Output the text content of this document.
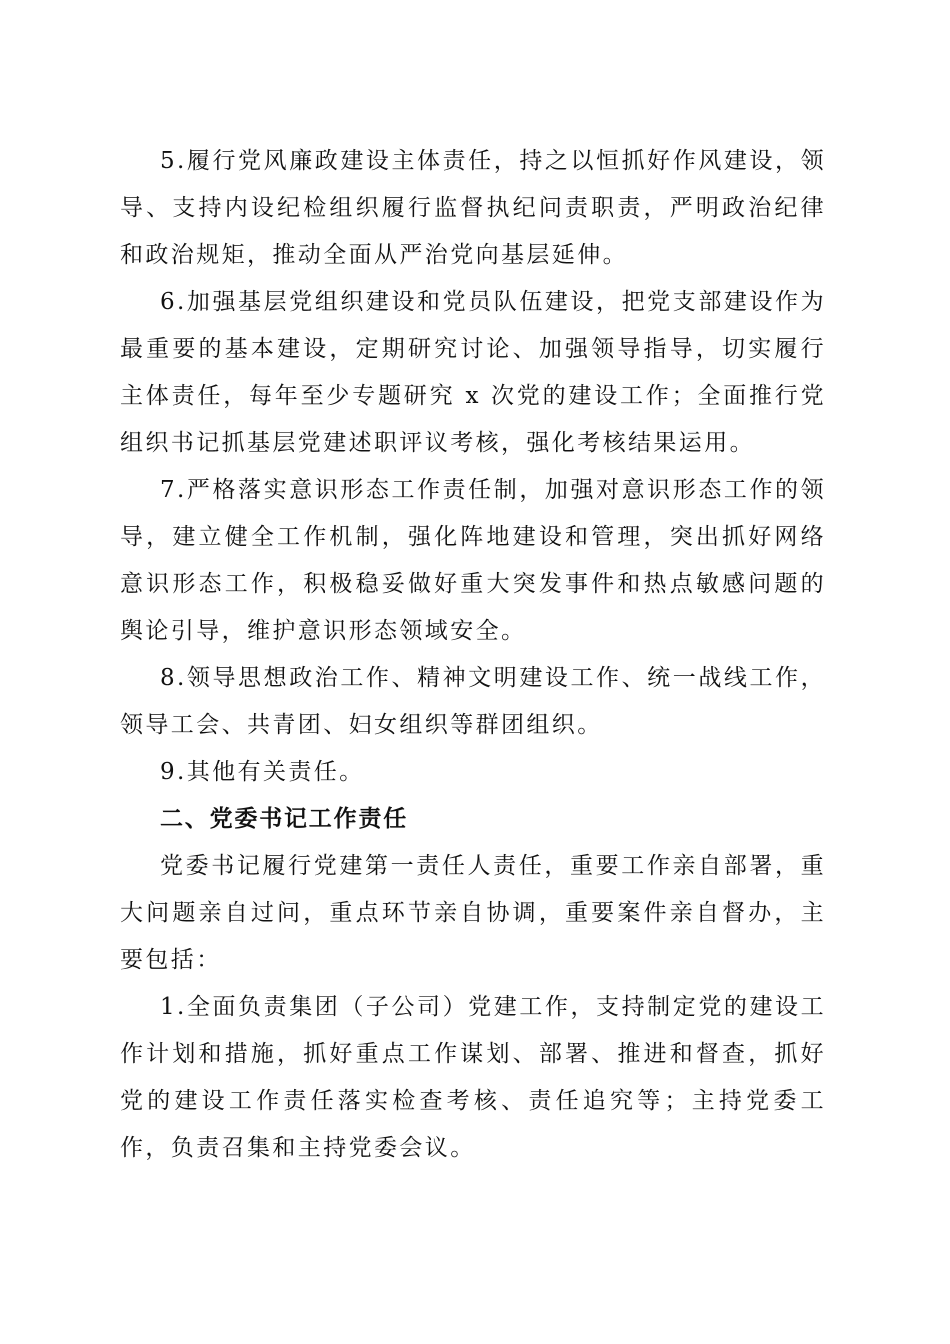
5.履行党风廉政建设主体责任，持之以恒抓好作风建设，领导、支持内设纪检组织履行监督执纪问责职责，严明政治纪律和政治规矩，推动全面从严治党向基层延伸。

6.加强基层党组织建设和党员队伍建设，把党支部建设作为最重要的基本建设，定期研究讨论、加强领导指导，切实履行主体责任，每年至少专题研究 x 次党的建设工作；全面推行党组织书记抓基层党建述职评议考核，强化考核结果运用。

7.严格落实意识形态工作责任制，加强对意识形态工作的领导，建立健全工作机制，强化阵地建设和管理，突出抓好网络意识形态工作，积极稳妥做好重大突发事件和热点敏感问题的舆论引导，维护意识形态领域安全。

8.领导思想政治工作、精神文明建设工作、统一战线工作，领导工会、共青团、妇女组织等群团组织。

9.其他有关责任。

二、党委书记工作责任

党委书记履行党建第一责任人责任，重要工作亲自部署，重大问题亲自过问，重点环节亲自协调，重要案件亲自督办，主要包括：

1.全面负责集团（子公司）党建工作，支持制定党的建设工作计划和措施，抓好重点工作谋划、部署、推进和督查，抓好党的建设工作责任落实检查考核、责任追究等；主持党委工作，负责召集和主持党委会议。
